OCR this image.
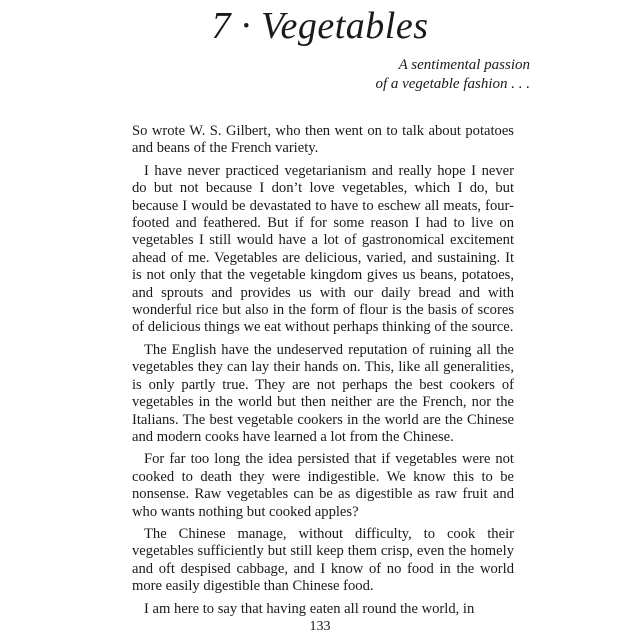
7 · Vegetables
A sentimental passion
of a vegetable fashion . . .

So wrote W. S. Gilbert, who then went on to talk about potatoes and beans of the French variety.

I have never practiced vegetarianism and really hope I never do but not because I don’t love vegetables, which I do, but because I would be devastated to have to eschew all meats, four-footed and feathered. But if for some reason I had to live on vegetables I still would have a lot of gastronomical excitement ahead of me. Vegetables are delicious, varied, and sustaining. It is not only that the vegetable kingdom gives us beans, potatoes, and sprouts and provides us with our daily bread and with wonderful rice but also in the form of flour is the basis of scores of delicious things we eat without perhaps thinking of the source.

The English have the undeserved reputation of ruining all the vegetables they can lay their hands on. This, like all generalities, is only partly true. They are not perhaps the best cookers of vegetables in the world but then neither are the French, nor the Italians. The best vegetable cookers in the world are the Chinese and modern cooks have learned a lot from the Chinese.

For far too long the idea persisted that if vegetables were not cooked to death they were indigestible. We know this to be nonsense. Raw vegetables can be as digestible as raw fruit and who wants nothing but cooked apples?

The Chinese manage, without difficulty, to cook their vegetables sufficiently but still keep them crisp, even the homely and oft despised cabbage, and I know of no food in the world more easily digestible than Chinese food.

I am here to say that having eaten all round the world, in

133
